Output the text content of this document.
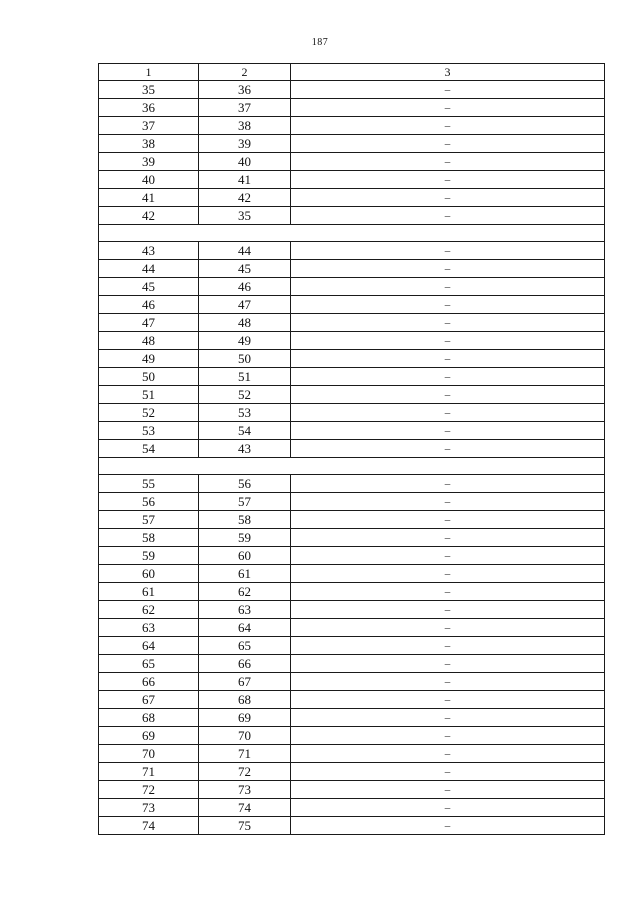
187
1	2	3
35	36	–
36	37	–
37	38	–
38	39	–
39	40	–
40	41	–
41	42	–
42	35	–

43	44	–
44	45	–
45	46	–
46	47	–
47	48	–
48	49	–
49	50	–
50	51	–
51	52	–
52	53	–
53	54	–
54	43	–

55	56	–
56	57	–
57	58	–
58	59	–
59	60	–
60	61	–
61	62	–
62	63	–
63	64	–
64	65	–
65	66	–
66	67	–
67	68	–
68	69	–
69	70	–
70	71	–
71	72	–
72	73	–
73	74	–
74	75	–
